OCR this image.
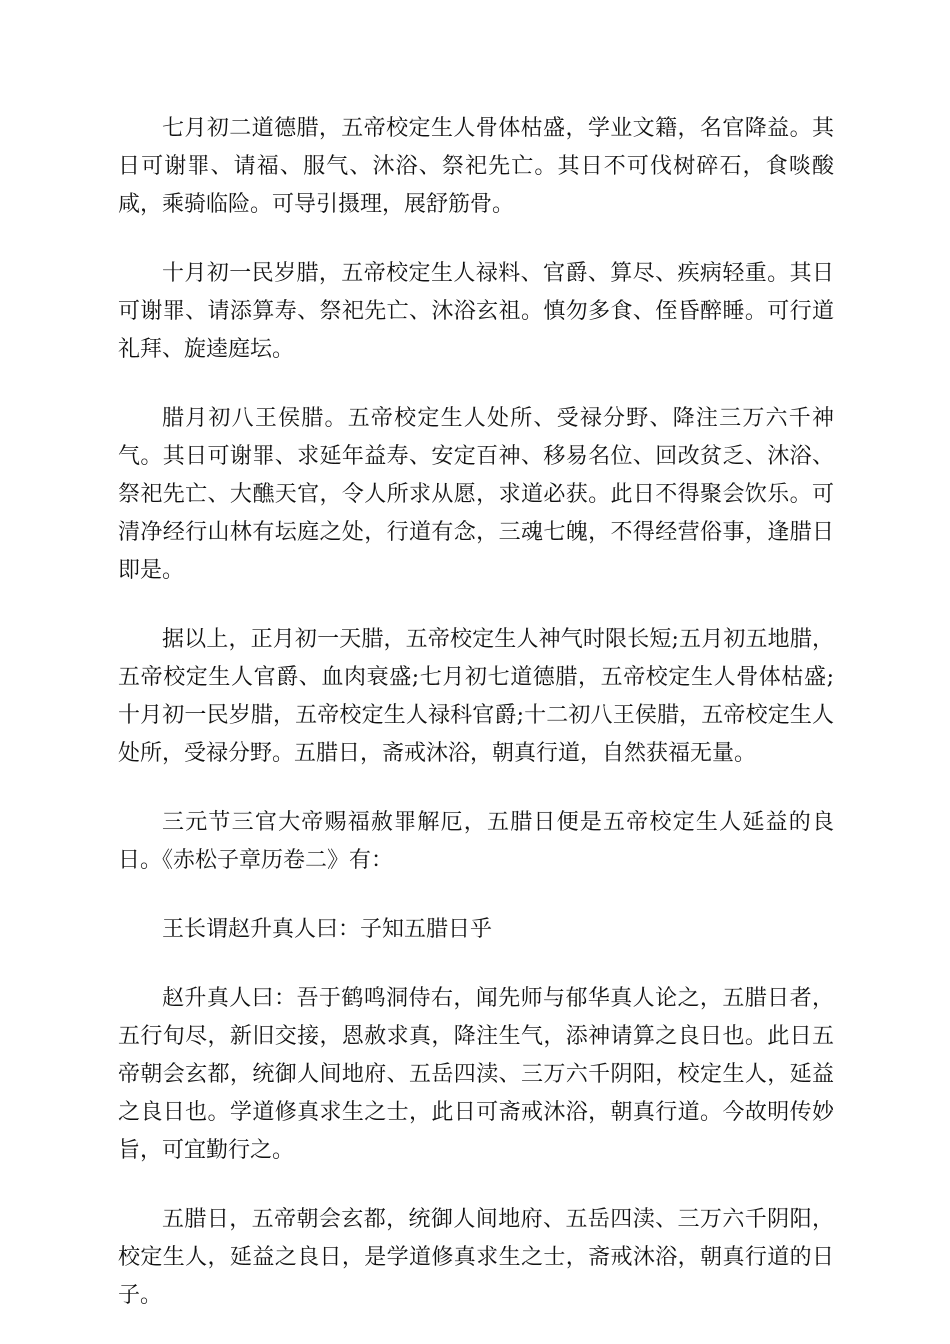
七月初二道德腊，五帝校定生人骨体枯盛，学业文籍，名官降益。其日可谢罪、请福、服气、沐浴、祭祀先亡。其日不可伐树碎石，食啖酸咸，乘骑临险。可导引摄理，展舒筋骨。

十月初一民岁腊，五帝校定生人禄料、官爵、算尽、疾病轻重。其日可谢罪、请添算寿、祭祀先亡、沐浴玄祖。慎勿多食、侄昏醉睡。可行道礼拜、旋逵庭坛。

腊月初八王侯腊。五帝校定生人处所、受禄分野、降注三万六千神气。其日可谢罪、求延年益寿、安定百神、移易名位、回改贫乏、沐浴、祭祀先亡、大醮天官，令人所求从愿，求道必获。此日不得聚会饮乐。可清净经行山林有坛庭之处，行道有念，三魂七魄，不得经营俗事，逢腊日即是。

据以上，正月初一天腊，五帝校定生人神气时限长短;五月初五地腊，五帝校定生人官爵、血肉衰盛;七月初七道德腊，五帝校定生人骨体枯盛;十月初一民岁腊，五帝校定生人禄科官爵;十二初八王侯腊，五帝校定生人处所，受禄分野。五腊日，斋戒沐浴，朝真行道，自然获福无量。

三元节三官大帝赐福赦罪解厄，五腊日便是五帝校定生人延益的良日。《赤松子章历卷二》有：

王长谓赵升真人曰：子知五腊日乎

赵升真人曰：吾于鹤鸣洞侍右，闻先师与郁华真人论之，五腊日者，五行旬尽，新旧交接，恩赦求真，降注生气，添神请算之良日也。此日五帝朝会玄都，统御人间地府、五岳四渎、三万六千阴阳，校定生人，延益之良日也。学道修真求生之士，此日可斋戒沐浴，朝真行道。今故明传妙旨，可宜勤行之。

五腊日，五帝朝会玄都，统御人间地府、五岳四渎、三万六千阴阳，校定生人，延益之良日，是学道修真求生之士，斋戒沐浴，朝真行道的日子。
